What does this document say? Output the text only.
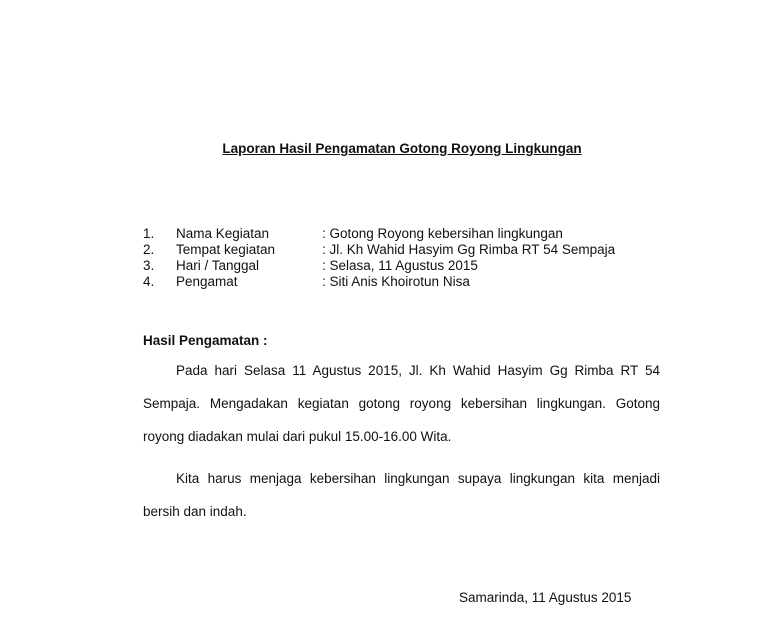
Laporan Hasil Pengamatan Gotong Royong Lingkungan
1. Nama Kegiatan	: Gotong Royong kebersihan lingkungan
2. Tempat kegiatan	: Jl. Kh Wahid Hasyim Gg Rimba RT 54 Sempaja
3. Hari / Tanggal	: Selasa, 11 Agustus 2015
4. Pengamat	: Siti Anis Khoirotun Nisa
Hasil Pengamatan :

Pada hari Selasa 11 Agustus 2015, Jl. Kh Wahid Hasyim Gg Rimba RT 54 Sempaja. Mengadakan kegiatan gotong royong kebersihan lingkungan. Gotong royong diadakan mulai dari pukul 15.00-16.00 Wita.

Kita harus menjaga kebersihan lingkungan supaya lingkungan kita menjadi bersih dan indah.

Samarinda, 11 Agustus 2015
